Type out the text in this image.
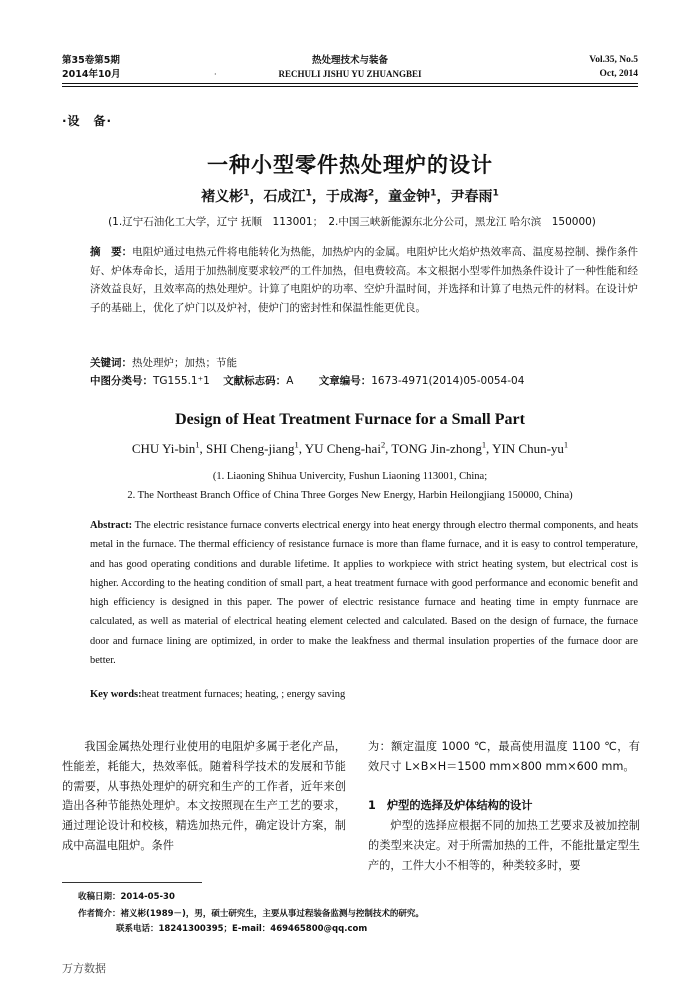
第35卷第5期
2014年10月
热处理技术与装备
RECHULI JISHU YU ZHUANGBEI
Vol.35, No.5
Oct, 2014
·
·设　备·
一种小型零件热处理炉的设计
褚义彬$^1$，石成江$^1$，于成海$^2$，童金钟$^1$，尹春雨$^1$
(1.辽宁石油化工大学，辽宁 抚顺　113001；　2.中国三峡新能源东北分公司，黑龙江 哈尔滨　150000)
摘　要：电阻炉通过电热元件将电能转化为热能，加热炉内的金属。电阻炉比火焰炉热效率高、温度易控制、操作条件好、炉体寿命长，适用于加热制度要求较严的工件加热，但电费较高。本文根据小型零件加热条件设计了一种性能和经济效益良好，且效率高的热处理炉。计算了电阻炉的功率、空炉升温时间，并选择和计算了电热元件的材料。在设计炉子的基础上，优化了炉门以及炉衬，使炉门的密封性和保温性能更优良。
关键词：热处理炉；加热；节能
中图分类号：TG155.1⁺1 文献标志码：A 文章编号：1673-4971(2014)05-0054-04
Design of Heat Treatment Furnace for a Small Part
CHU Yi-bin$^1$, SHI Cheng-jiang$^1$, YU Cheng-hai$^2$, TONG Jin-zhong$^1$, YIN Chun-$yu^1$
(1. Liaoning Shihua Univercity, Fushun Liaoning 113001, China;
2. The Northeast Branch Office of China Three Gorges New Energy, Harbin Heilongjiang 150000, China)
Abstract: The electric resistance furnace converts electrical energy into heat energy through electro thermal components, and heats metal in the furnace. The thermal efficiency of resistance furnace is more than flame furnace, and it is easy to control temperature, and has good operating conditions and durable lifetime. It applies to workpiece with strict heating system, but electrical cost is higher. According to the heating condition of small part, a heat treatment furnace with good performance and economic benefit and high efficiency is designed in this paper. The power of electric resistance furnace and heating time in empty funrnace are calculated, as well as material of electrical heating element celected and calculated. Based on the design of furnace, the furnace door and furnace lining are optimized, in order to make the leakfness and thermal insulation properties of the furnace door are better.
Key words:heat treatment furnaces; heating, ; energy saving
我国金属热处理行业使用的电阻炉多属于老化产品，性能差，耗能大，热效率低。随着科学技术的发展和节能的需要，从事热处理炉的研究和生产的工作者，近年来创造出各种节能热处理炉。本文按照现在生产工艺的要求，通过理论设计和校核，精选加热元件，确定设计方案，制成中高温电阻炉。条件
为：额定温度 1000 ℃，最高使用温度 1100 ℃，有效尺寸 L×B×H＝1500 mm×800 mm×600 mm。
1　炉型的选择及炉体结构的设计
炉型的选择应根据不同的加热工艺要求及被加控制的类型来决定。对于所需加热的工件，不能批量定型生产的，工件大小不相等的，种类较多时，要
收稿日期：2014-05-30
作者简介：褚义彬(1989－)，男，硕士研究生，主要从事过程装备监测与控制技术的研究。
联系电话：18241300395；E-mail：469465800@qq.com
万方数据
